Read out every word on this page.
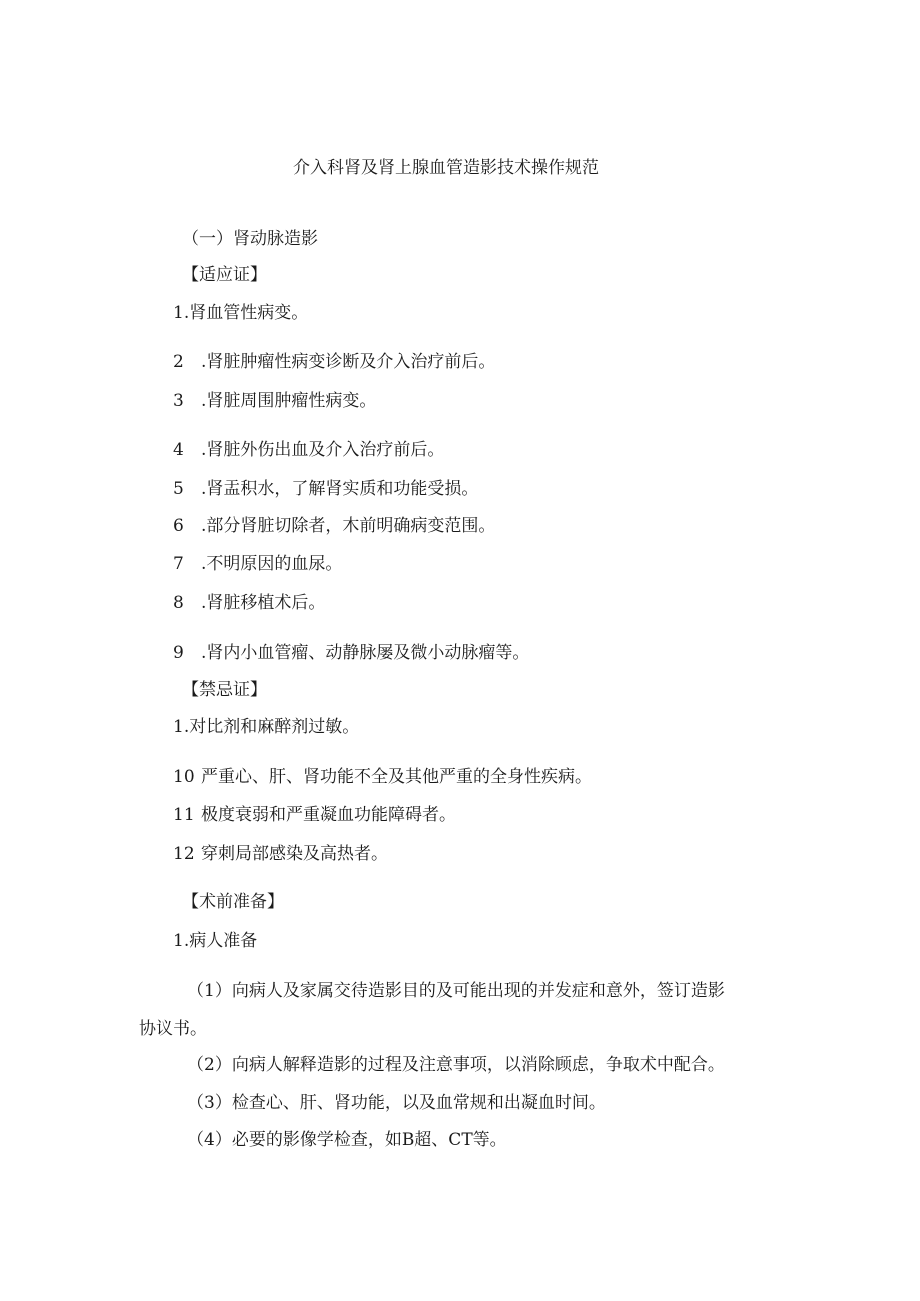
介入科肾及肾上腺血管造影技术操作规范
（一）肾动脉造影
【适应证】
1.肾血管性病变。
2 .肾脏肿瘤性病变诊断及介入治疗前后。
3 .肾脏周围肿瘤性病变。
4 .肾脏外伤出血及介入治疗前后。
5 .肾盂积水，了解肾实质和功能受损。
6 .部分肾脏切除者，木前明确病变范围。
7 .不明原因的血尿。
8 .肾脏移植术后。
9 .肾内小血管瘤、动静脉屡及微小动脉瘤等。
【禁忌证】
1.对比剂和麻醉剂过敏。
10 严重心、肝、肾功能不全及其他严重的全身性疾病。
11 极度衰弱和严重凝血功能障碍者。
12 穿刺局部感染及高热者。
【术前准备】
1.病人准备
（1）向病人及家属交待造影目的及可能出现的并发症和意外，签订造影
协议书。
（2）向病人解释造影的过程及注意事项，以消除顾虑，争取术中配合。
（3）检查心、肝、肾功能，以及血常规和出凝血时间。
（4）必要的影像学检查，如B超、CT等。
